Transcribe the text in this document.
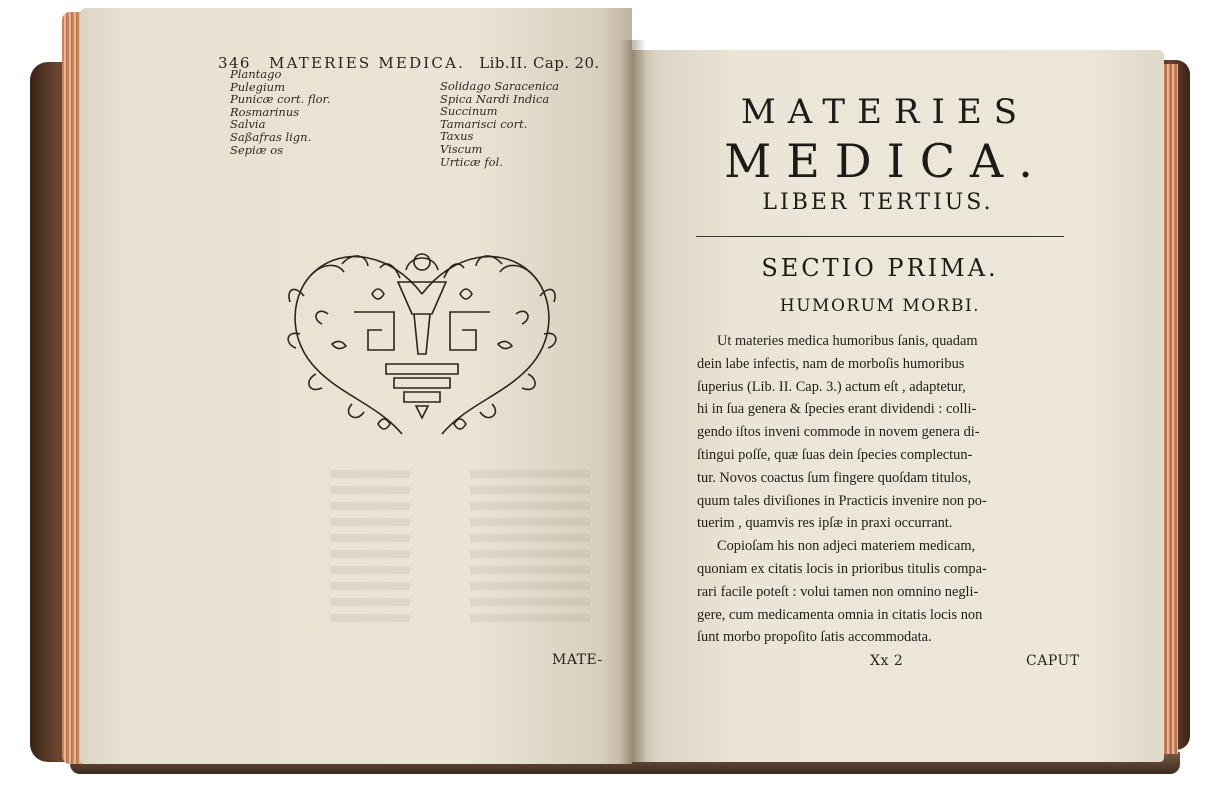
346 MATERIES MEDICA. Lib.II. Cap. 20.
Plantago
Pulegium
Punicæ cort. flor.
Rosmarinus
Salvia
Saßafras lign.
Sepiæ os
Solidago Saracenica
Spica Nardi Indica
Succinum
Tamarisci cort.
Taxus
Viscum
Urticæ fol.
MATE-
MATERIES
MEDICA.
LIBER TERTIUS.
SECTIO PRIMA.
HUMORUM MORBI.
Ut materies medica humoribus ſanis, quadam
dein labe infectis, nam de morboſis humoribus
ſuperius (Lib. II. Cap. 3.) actum eſt , adaptetur,
hi in ſua genera & ſpecies erant dividendi : colli-
gendo iſtos inveni commode in novem genera di-
ſtingui poſſe, quæ ſuas dein ſpecies complectun-
tur. Novos coactus ſum fingere quoſdam titulos,
quum tales diviſiones in Practicis invenire non po-
tuerim , quamvis res ipſæ in praxi occurrant.
Copioſam his non adjeci materiem medicam,
quoniam ex citatis locis in prioribus titulis compa-
rari facile poteſt : volui tamen non omnino negli-
gere, cum medicamenta omnia in citatis locis non
ſunt morbo propoſito ſatis accommodata.
Xx 2	CAPUT
